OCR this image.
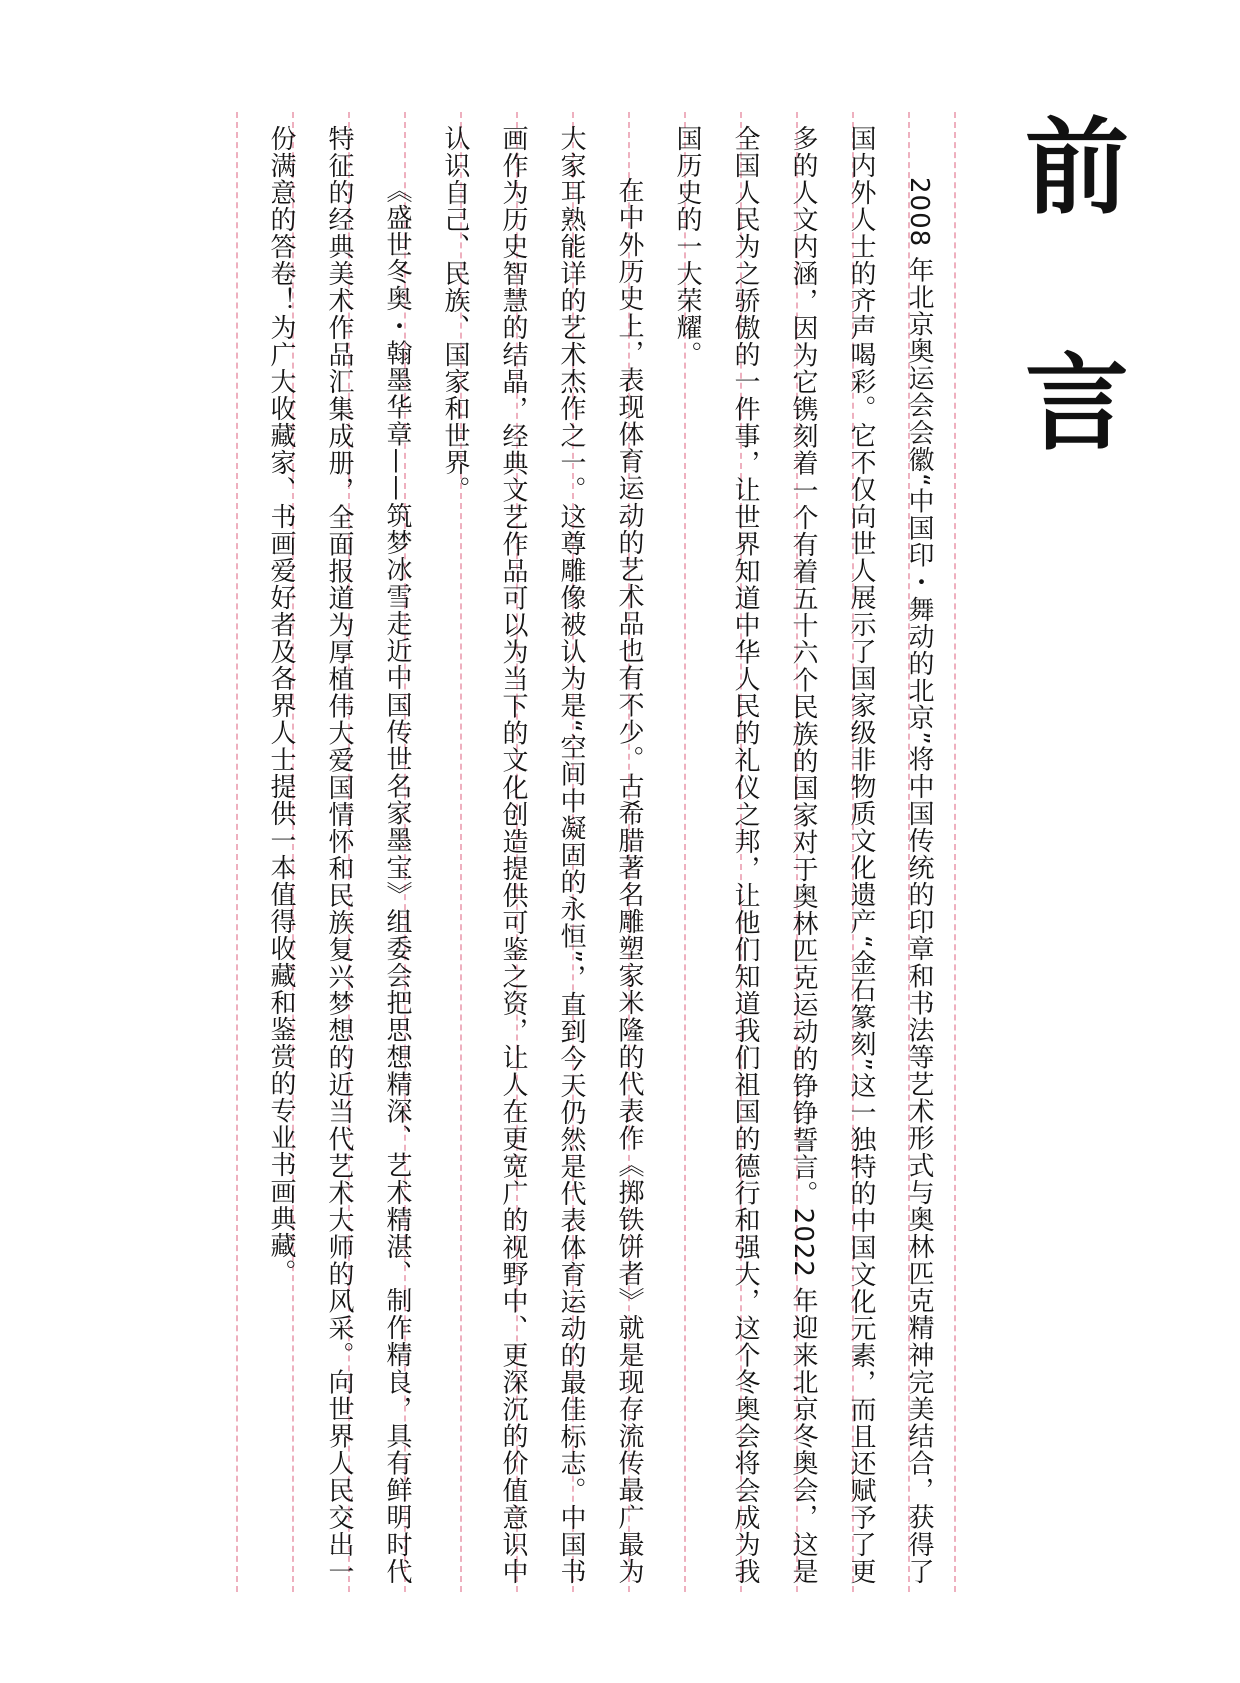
前 言

2008 年北京奥运会会徽“中国印・舞动的北京”将中国传统的印章和书法等艺术形式与奥林匹克精神完美结合，获得了国内外人士的齐声喝彩。它不仅向世人展示了国家级非物质文化遗产“金石篆刻”这一独特的中国文化元素，而且还赋予了更多的人文内涵，因为它镌刻着一个有着五十六个民族的国家对于奥林匹克运动的铮铮誓言。2022 年迎来北京冬奥会，这是全国人民为之骄傲的一件事，让世界知道中华人民的礼仪之邦，让他们知道我们祖国的德行和强大，这个冬奥会将会成为我国历史的一大荣耀。

在中外历史上，表现体育运动的艺术品也有不少。古希腊著名雕塑家米隆的代表作《掷铁饼者》就是现存流传最广最为大家耳熟能详的艺术杰作之一。这尊雕像被认为是“空间中凝固的永恒”，直到今天仍然是代表体育运动的最佳标志。中国书画作为历史智慧的结晶，经典文艺作品可以为当下的文化创造提供可鉴之资，让人在更宽广的视野中、更深沉的价值意识中认识自己、民族、国家和世界。

《盛世冬奥・翰墨华章——筑梦冰雪走近中国传世名家墨宝》组委会把思想精深、艺术精湛、制作精良，具有鲜明时代特征的经典美术作品汇集成册，全面报道为厚植伟大爱国情怀和民族复兴梦想的近当代艺术大师的风采。向世界人民交出一份满意的答卷！为广大收藏家、书画爱好者及各界人士提供一本值得收藏和鉴赏的专业书画典藏。
